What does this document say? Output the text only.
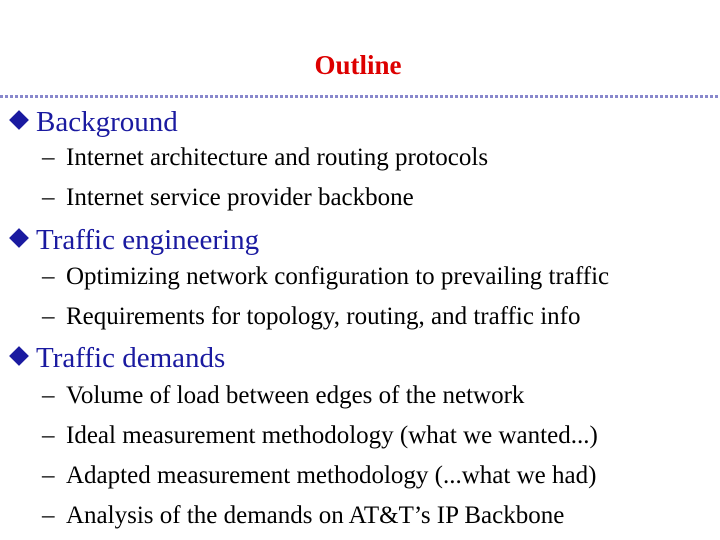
Outline
Background
– Internet architecture and routing protocols
– Internet service provider backbone
Traffic engineering
– Optimizing network configuration to prevailing traffic
– Requirements for topology, routing, and traffic info
Traffic demands
– Volume of load between edges of the network
– Ideal measurement methodology (what we wanted...)
– Adapted measurement methodology (...what we had)
– Analysis of the demands on AT&T’s IP Backbone
